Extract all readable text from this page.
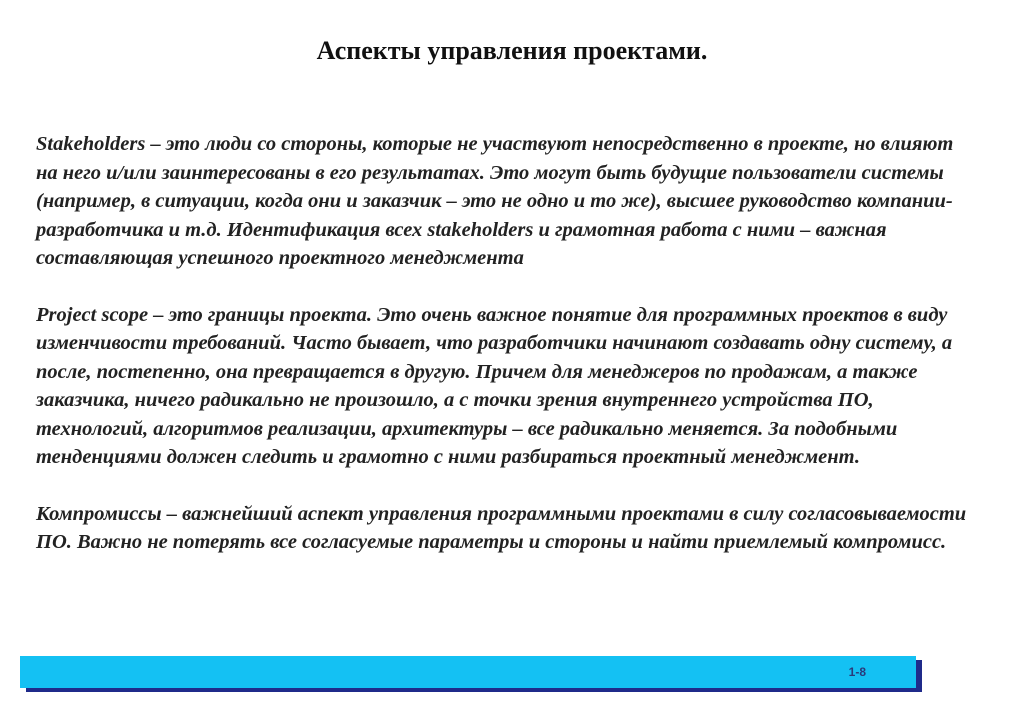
Аспекты управления проектами.

Stakeholders – это люди со стороны, которые не участвуют непосредственно в проекте, но влияют на него и/или заинтересованы в его результатах. Это могут быть будущие пользователи системы (например, в ситуации, когда они и заказчик – это не одно и то же), высшее руководство компании-разработчика и т.д. Идентификация всех stakeholders и грамотная работа с ними – важная составляющая успешного проектного менеджмента

Project scope – это границы проекта. Это очень важное понятие для программных проектов в виду изменчивости требований. Часто бывает, что разработчики начинают создавать одну систему, а после, постепенно, она превращается в другую. Причем для менеджеров по продажам, а также заказчика, ничего радикально не произошло, а с точки зрения внутреннего устройства ПО, технологий, алгоритмов реализации, архитектуры – все радикально меняется. За подобными тенденциями должен следить и грамотно с ними разбираться проектный менеджмент.

Компромиссы – важнейший аспект управления программными проектами в силу согласовываемости ПО. Важно не потерять все согласуемые параметры и стороны и найти приемлемый компромисс.

1-8
